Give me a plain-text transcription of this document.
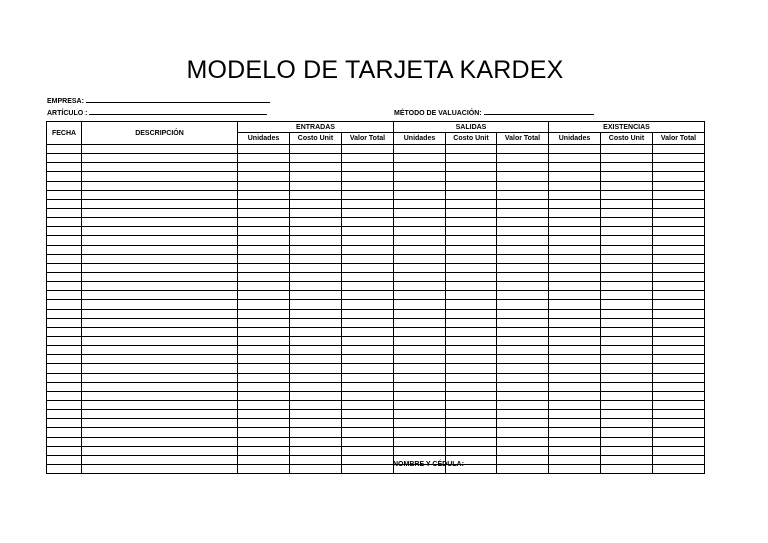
MODELO DE TARJETA KARDEX
EMPRESA:
ARTÍCULO :	MÉTODO DE VALUACIÓN:
FECHA	DESCRIPCIÓN	ENTRADAS			SALIDAS			EXISTENCIAS		
		Unidades	Costo Unit	Valor Total	Unidades	Costo Unit	Valor Total	Unidades	Costo Unit	Valor Total

NOMBRE Y CÉDULA:
